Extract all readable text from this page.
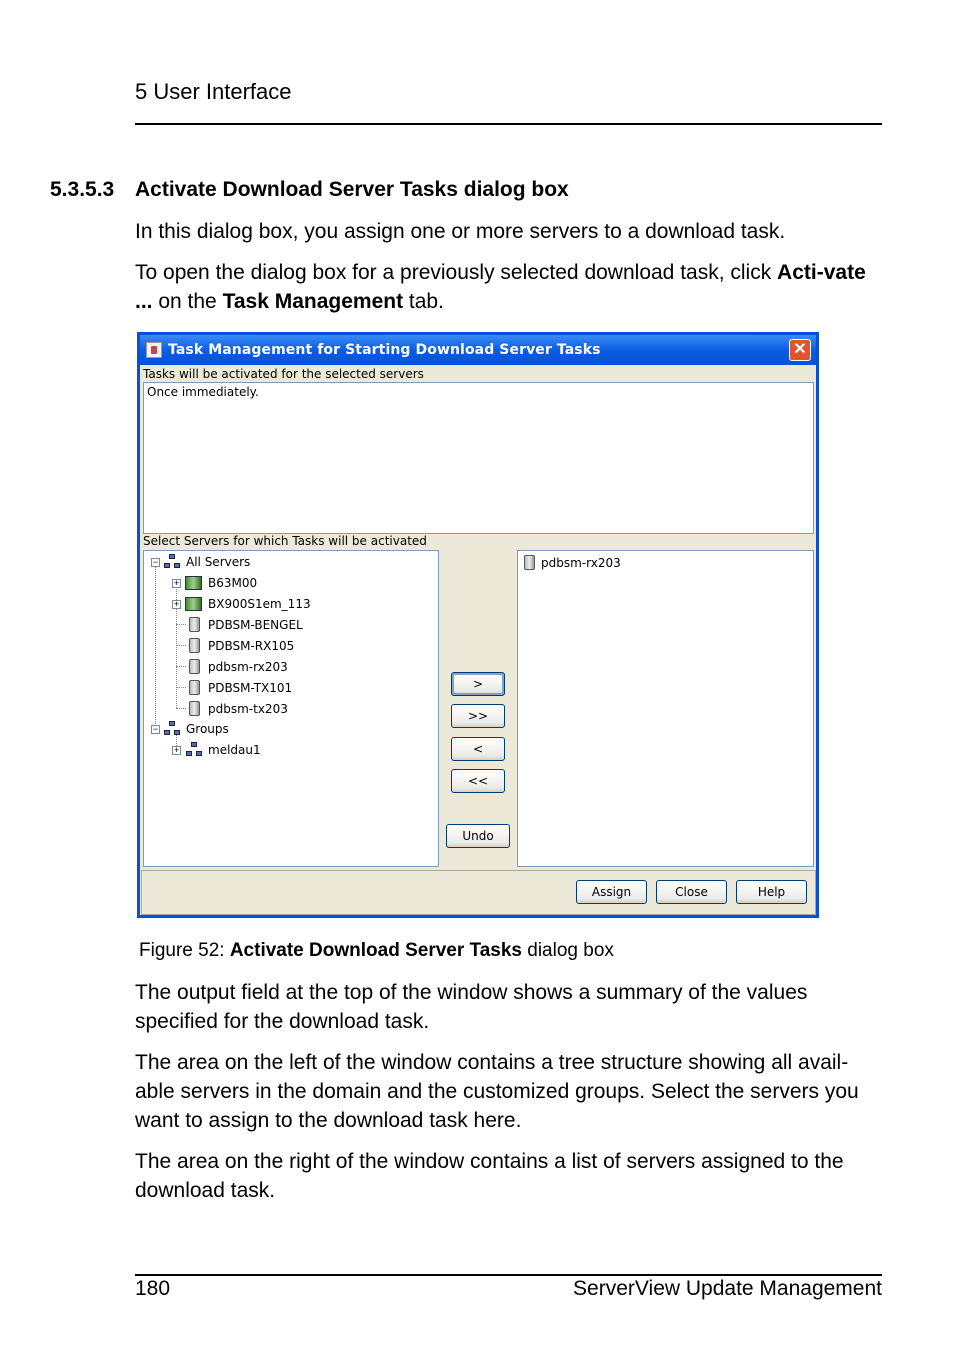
5 User Interface
5.3.5.3 Activate Download Server Tasks dialog box
In this dialog box, you assign one or more servers to a download task.
To open the dialog box for a previously selected download task, click Acti-vate ... on the Task Management tab.
Task Management for Starting Download Server Tasks	✕
Tasks will be activated for the selected servers
Once immediately.
Select Servers for which Tasks will be activated
− All Servers
+ B63M00
+ BX900S1em_113
PDBSM-BENGEL
PDBSM-RX105
pdbsm-rx203
PDBSM-TX101
pdbsm-tx203
− Groups
+ meldau1
>
>>
<
<<
Undo
pdbsm-rx203
Assign	Close	Help
Figure 52: Activate Download Server Tasks dialog box
The output field at the top of the window shows a summary of the values specified for the download task.
The area on the left of the window contains a tree structure showing all avail-able servers in the domain and the customized groups. Select the servers you want to assign to the download task here.
The area on the right of the window contains a list of servers assigned to the download task.
180	ServerView Update Management
